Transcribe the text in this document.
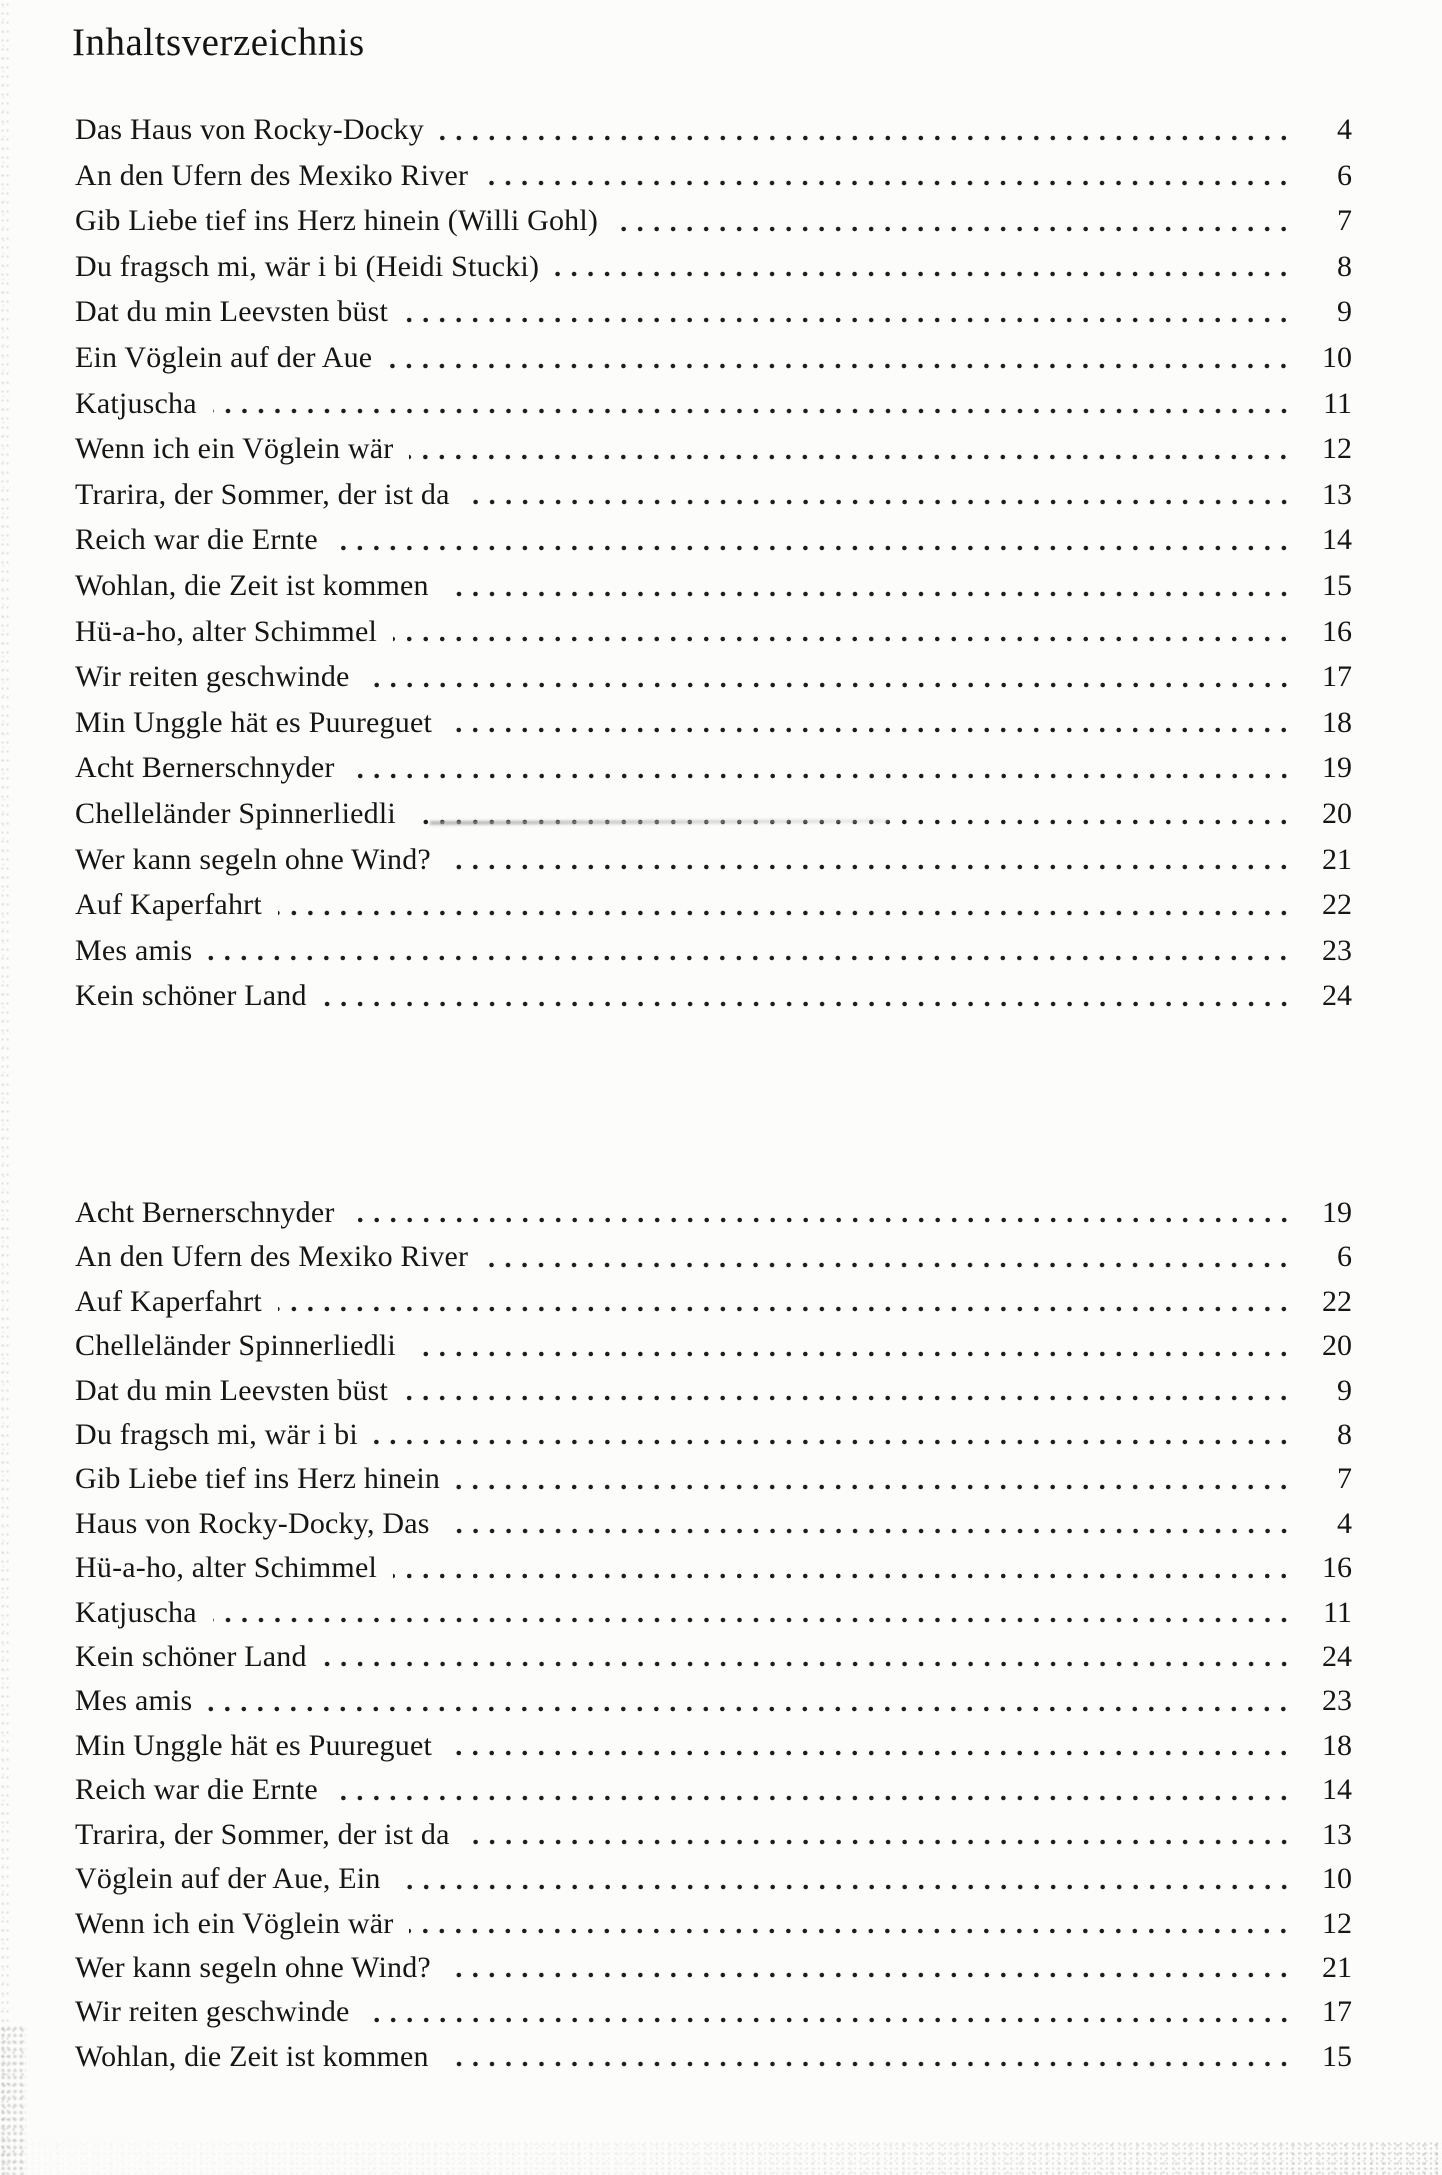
Inhaltsverzeichnis
Das Haus von Rocky-Docky	4
An den Ufern des Mexiko River	6
Gib Liebe tief ins Herz hinein (Willi Gohl)	7
Du fragsch mi, wär i bi (Heidi Stucki)	8
Dat du min Leevsten büst	9
Ein Vöglein auf der Aue	10
Katjuscha	11
Wenn ich ein Vöglein wär	12
Trarira, der Sommer, der ist da	13
Reich war die Ernte	14
Wohlan, die Zeit ist kommen	15
Hü-a-ho, alter Schimmel	16
Wir reiten geschwinde	17
Min Unggle hät es Puureguet	18
Acht Bernerschnyder	19
Chelleländer Spinnerliedli	20
Wer kann segeln ohne Wind?	21
Auf Kaperfahrt	22
Mes amis	23
Kein schöner Land	24
Acht Bernerschnyder	19
An den Ufern des Mexiko River	6
Auf Kaperfahrt	22
Chelleländer Spinnerliedli	20
Dat du min Leevsten büst	9
Du fragsch mi, wär i bi	8
Gib Liebe tief ins Herz hinein	7
Haus von Rocky-Docky, Das	4
Hü-a-ho, alter Schimmel	16
Katjuscha	11
Kein schöner Land	24
Mes amis	23
Min Unggle hät es Puureguet	18
Reich war die Ernte	14
Trarira, der Sommer, der ist da	13
Vöglein auf der Aue, Ein	10
Wenn ich ein Vöglein wär	12
Wer kann segeln ohne Wind?	21
Wir reiten geschwinde	17
Wohlan, die Zeit ist kommen	15
